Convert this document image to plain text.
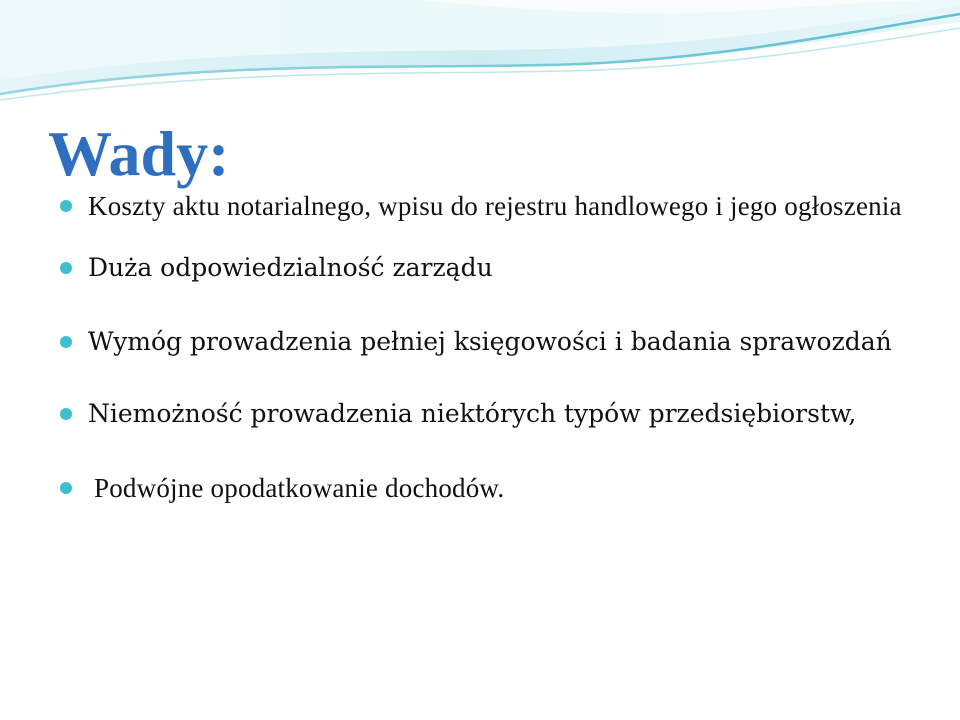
Wady:
Koszty aktu notarialnego, wpisu do rejestru handlowego i jego ogłoszenia
Duża odpowiedzialność zarządu
Wymóg prowadzenia pełniej księgowości i badania sprawozdań
Niemożność prowadzenia niektórych typów przedsiębiorstw,
Podwójne opodatkowanie dochodów.
